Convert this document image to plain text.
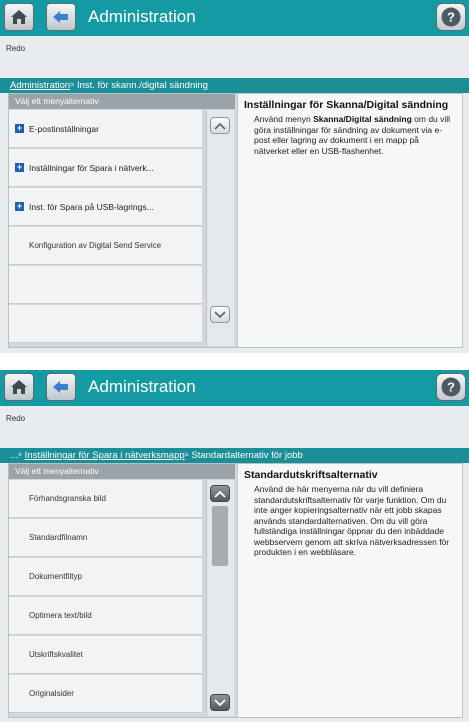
Administration	?
Redo
Administration> Inst. för skann./digital sändning
Välj ett menyalternativ
+ E-postinställningar
+ Inställningar för Spara i nätverk...
+ Inst. för Spara på USB-lagrings...
Konfiguration av Digital Send Service
Inställningar för Skanna/Digital sändning

Använd menyn Skanna/Digital sändning om du vill göra inställningar för sändning av dokument via e-post eller lagring av dokument i en mapp på nätverket eller en USB-flashenhet.

Administration	?
Redo
...> Inställningar för Spara i nätverksmapp> Standardalternativ för jobb
Välj ett menyalternativ
Förhandsgranska bild
Standardfilnamn
Dokumentfiltyp
Optimera text/bild
Utskriftskvalitet
Originalsider
Standardutskriftsalternativ

Använd de här menyerna när du vill definiera standardutskriftsalternativ för varje funktion. Om du inte anger kopieringsalternativ när ett jobb skapas används standardalternativen. Om du vill göra fullständiga inställningar öppnar du den inbäddade webbservern genom att skriva nätverksadressen för produkten i en webbläsare.
